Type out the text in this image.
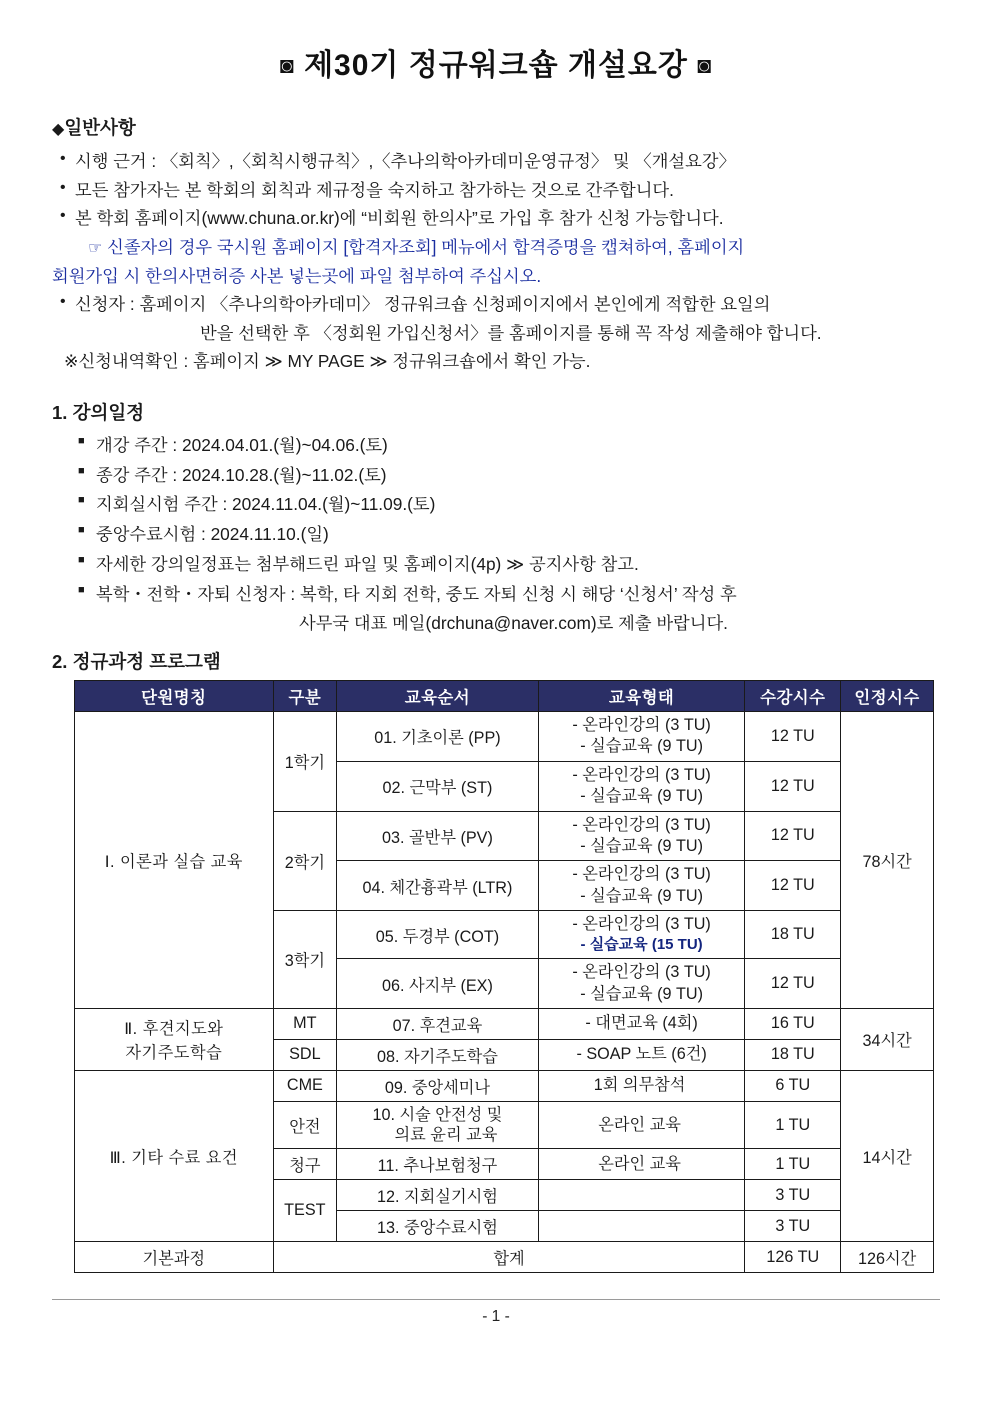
◙ 제30기 정규워크숍 개설요강 ◙
◆일반사항
• 시행 근거 : 〈회칙〉,〈회칙시행규칙〉,〈추나의학아카데미운영규정〉 및 〈개설요강〉
• 모든 참가자는 본 학회의 회칙과 제규정을 숙지하고 참가하는 것으로 간주합니다.
• 본 학회 홈페이지(www.chuna.or.kr)에 “비회원 한의사”로 가입 후 참가 신청 가능합니다.
☞ 신졸자의 경우 국시원 홈페이지 [합격자조회] 메뉴에서 합격증명을 캡쳐하여, 홈페이지
회원가입 시 한의사면허증 사본 넣는곳에 파일 첨부하여 주십시오.
• 신청자 : 홈페이지 〈추나의학아카데미〉 정규워크숍 신청페이지에서 본인에게 적합한 요일의
반을 선택한 후 〈정회원 가입신청서〉를 홈페이지를 통해 꼭 작성 제출해야 합니다.
※신청내역확인 : 홈페이지 ≫ MY PAGE ≫ 정규워크숍에서 확인 가능.
1. 강의일정
■ 개강 주간 : 2024.04.01.(월)~04.06.(토)
■ 종강 주간 : 2024.10.28.(월)~11.02.(토)
■ 지회실시험 주간 : 2024.11.04.(월)~11.09.(토)
■ 중앙수료시험 : 2024.11.10.(일)
■ 자세한 강의일정표는 첨부해드린 파일 및 홈페이지(4p) ≫ 공지사항 참고.
■ 복학・전학・자퇴 신청자 : 복학, 타 지회 전학, 중도 자퇴 신청 시 해당 ‘신청서’ 작성 후
사무국 대표 메일(drchuna@naver.com)로 제출 바랍니다.
2. 정규과정 프로그램
단원명칭	구분	교육순서	교육형태	수강시수	인정시수
Ⅰ. 이론과 실습 교육	1학기	01. 기초이론 (PP)	- 온라인강의 (3 TU)
- 실습교육 (9 TU)	12 TU	78시간
		02. 근막부 (ST)	- 온라인강의 (3 TU)
- 실습교육 (9 TU)	12 TU	
	2학기	03. 골반부 (PV)	- 온라인강의 (3 TU)
- 실습교육 (9 TU)	12 TU	
		04. 체간흉곽부 (LTR)	- 온라인강의 (3 TU)
- 실습교육 (9 TU)	12 TU	
	3학기	05. 두경부 (COT)	- 온라인강의 (3 TU)
- 실습교육 (15 TU)	18 TU	
		06. 사지부 (EX)	- 온라인강의 (3 TU)
- 실습교육 (9 TU)	12 TU	

Ⅱ. 후견지도와
자기주도학습	MT	07. 후견교육	- 대면교육 (4회)	16 TU	34시간
	SDL	08. 자기주도학습	- SOAP 노트 (6건)	18 TU	
Ⅲ. 기타 수료 요건	CME	09. 중앙세미나	1회 의무참석	6 TU	14시간
	안전	10. 시술 안전성 및
의료 윤리 교육	온라인 교육	1 TU	
	청구	11. 추나보험청구	온라인 교육	1 TU	
	TEST	12. 지회실기시험		3 TU	
		13. 중앙수료시험		3 TU	
기본과정	합계			126 TU	126시간
- 1 -
